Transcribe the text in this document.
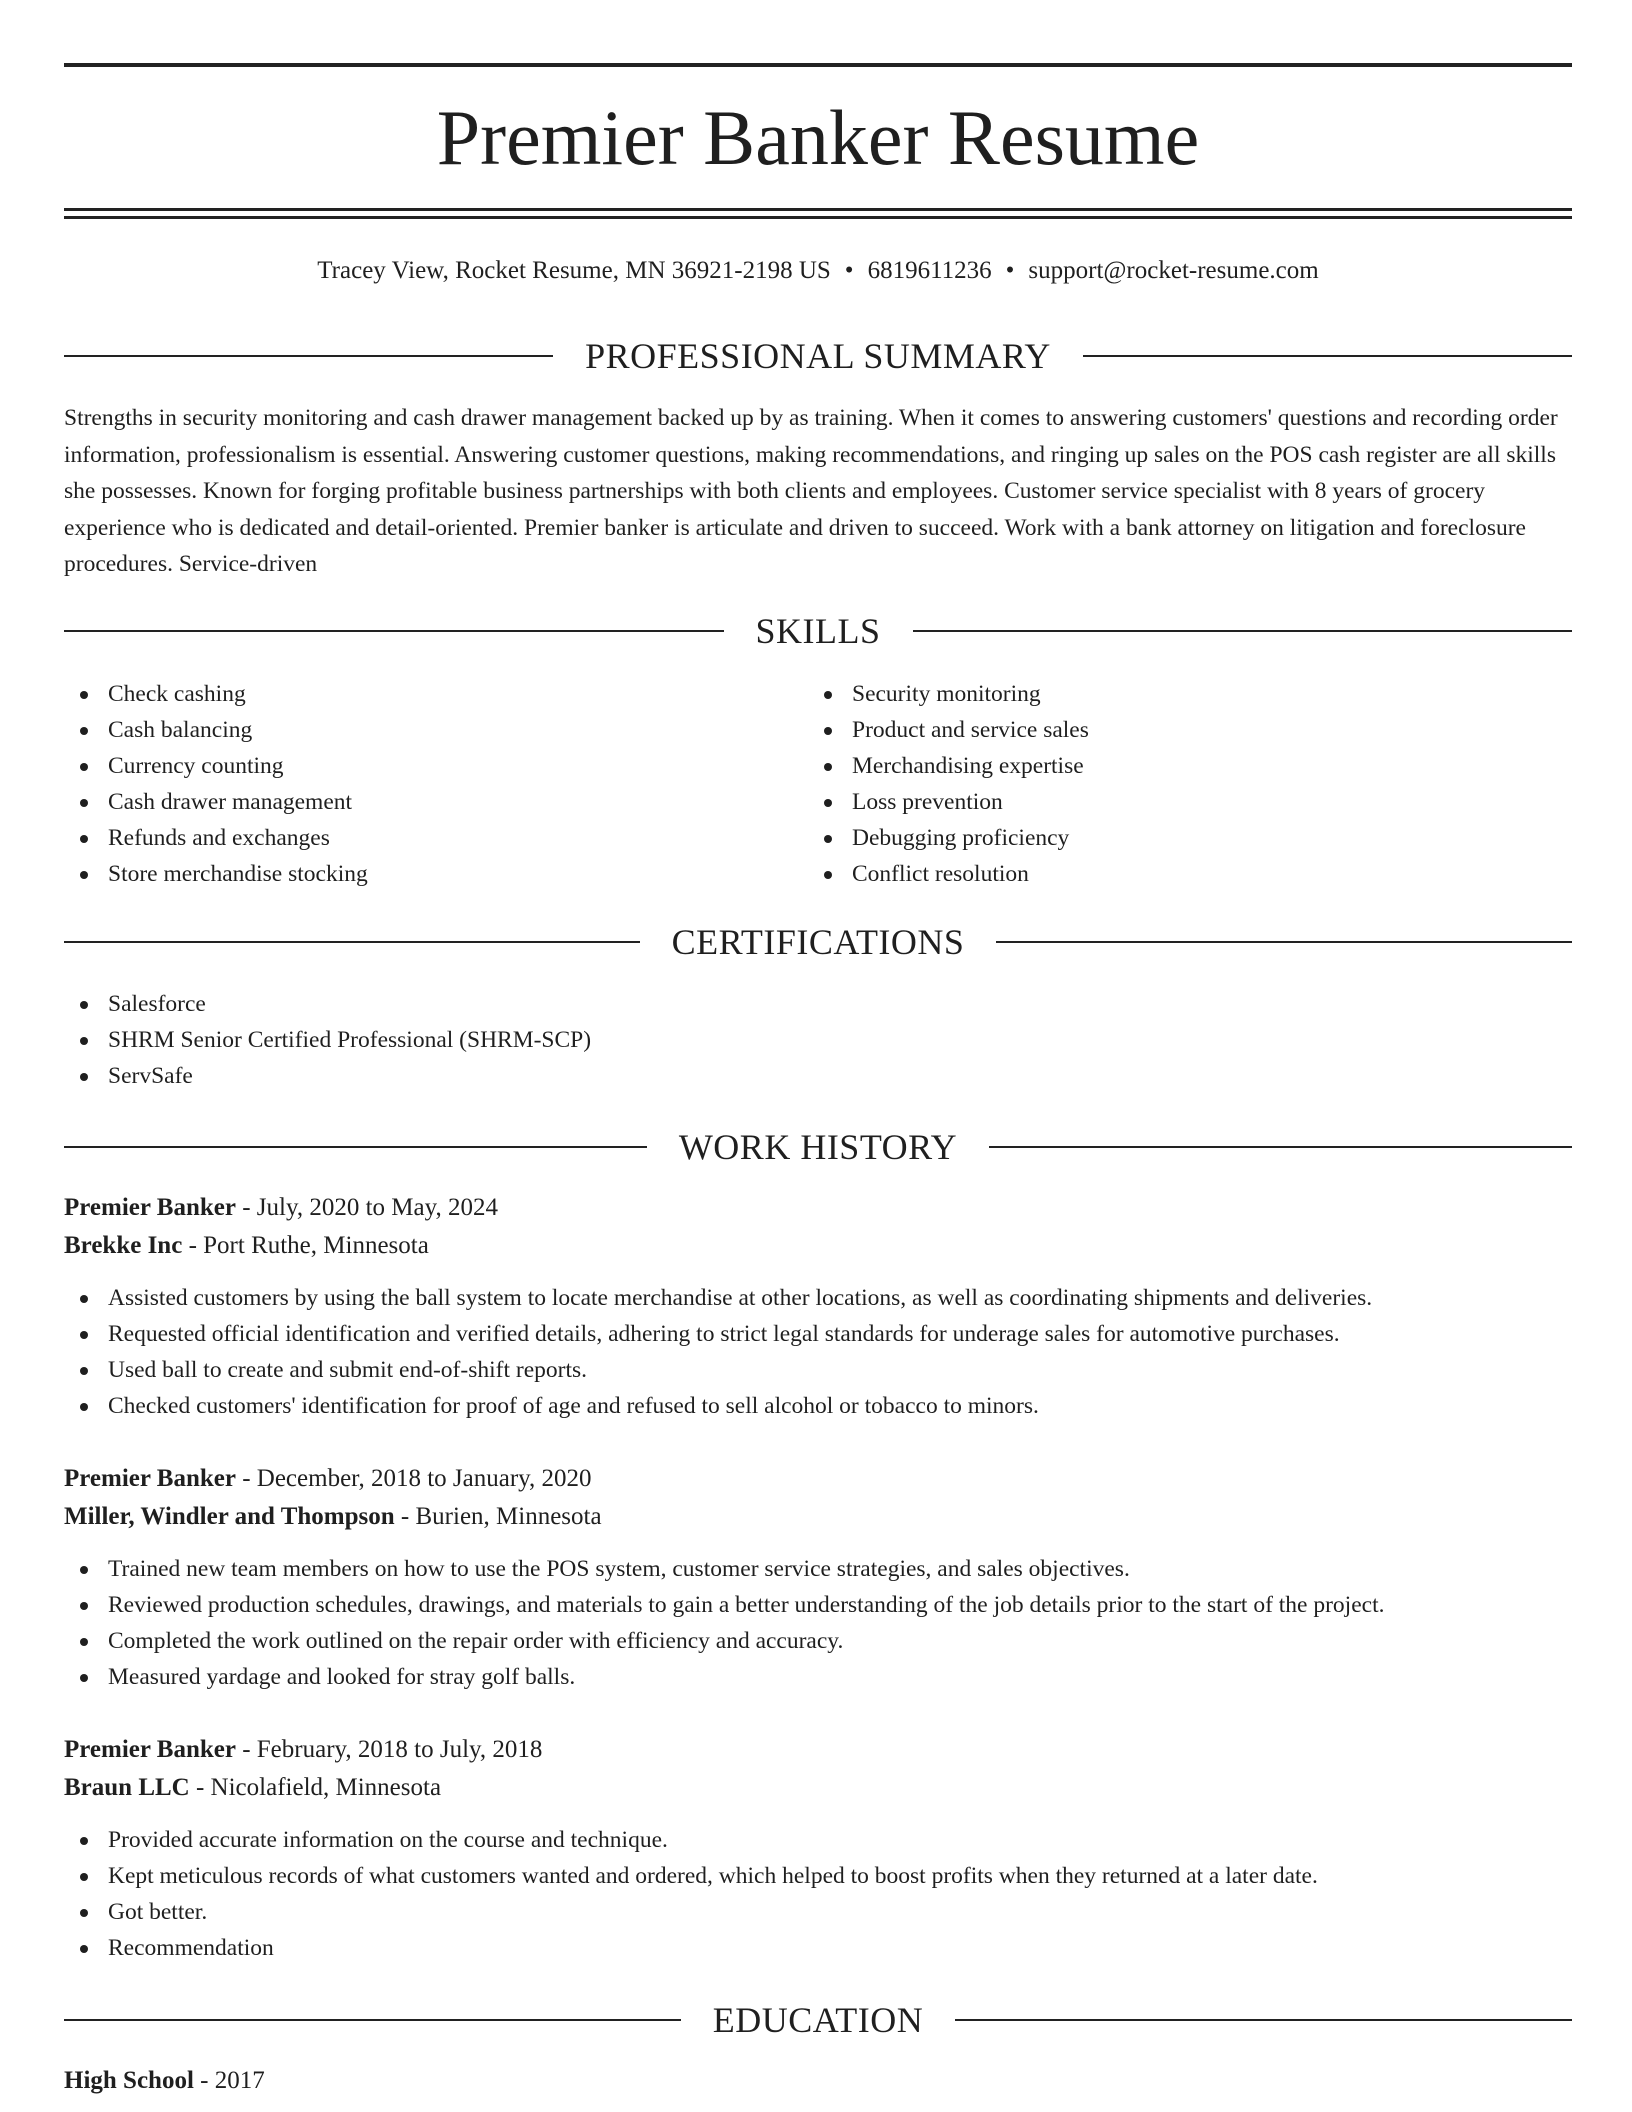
Premier Banker Resume
Tracey View, Rocket Resume, MN 36921-2198 US • 6819611236 • support@rocket-resume.com
PROFESSIONAL SUMMARY

Strengths in security monitoring and cash drawer management backed up by as training. When it comes to answering customers' questions and recording order information, professionalism is essential. Answering customer questions, making recommendations, and ringing up sales on the POS cash register are all skills she possesses. Known for forging profitable business partnerships with both clients and employees. Customer service specialist with 8 years of grocery experience who is dedicated and detail-oriented. Premier banker is articulate and driven to succeed. Work with a bank attorney on litigation and foreclosure procedures. Service-driven

SKILLS
Check cashing
Cash balancing
Currency counting
Cash drawer management
Refunds and exchanges
Store merchandise stocking
Security monitoring
Product and service sales
Merchandising expertise
Loss prevention
Debugging proficiency
Conflict resolution
CERTIFICATIONS
Salesforce
SHRM Senior Certified Professional (SHRM-SCP)
ServSafe
WORK HISTORY
Premier Banker - July, 2020 to May, 2024
Brekke Inc - Port Ruthe, Minnesota
Assisted customers by using the ball system to locate merchandise at other locations, as well as coordinating shipments and deliveries.
Requested official identification and verified details, adhering to strict legal standards for underage sales for automotive purchases.
Used ball to create and submit end-of-shift reports.
Checked customers' identification for proof of age and refused to sell alcohol or tobacco to minors.
Premier Banker - December, 2018 to January, 2020
Miller, Windler and Thompson - Burien, Minnesota
Trained new team members on how to use the POS system, customer service strategies, and sales objectives.
Reviewed production schedules, drawings, and materials to gain a better understanding of the job details prior to the start of the project.
Completed the work outlined on the repair order with efficiency and accuracy.
Measured yardage and looked for stray golf balls.
Premier Banker - February, 2018 to July, 2018
Braun LLC - Nicolafield, Minnesota
Provided accurate information on the course and technique.
Kept meticulous records of what customers wanted and ordered, which helped to boost profits when they returned at a later date.
Got better.
Recommendation
EDUCATION
High School - 2017
